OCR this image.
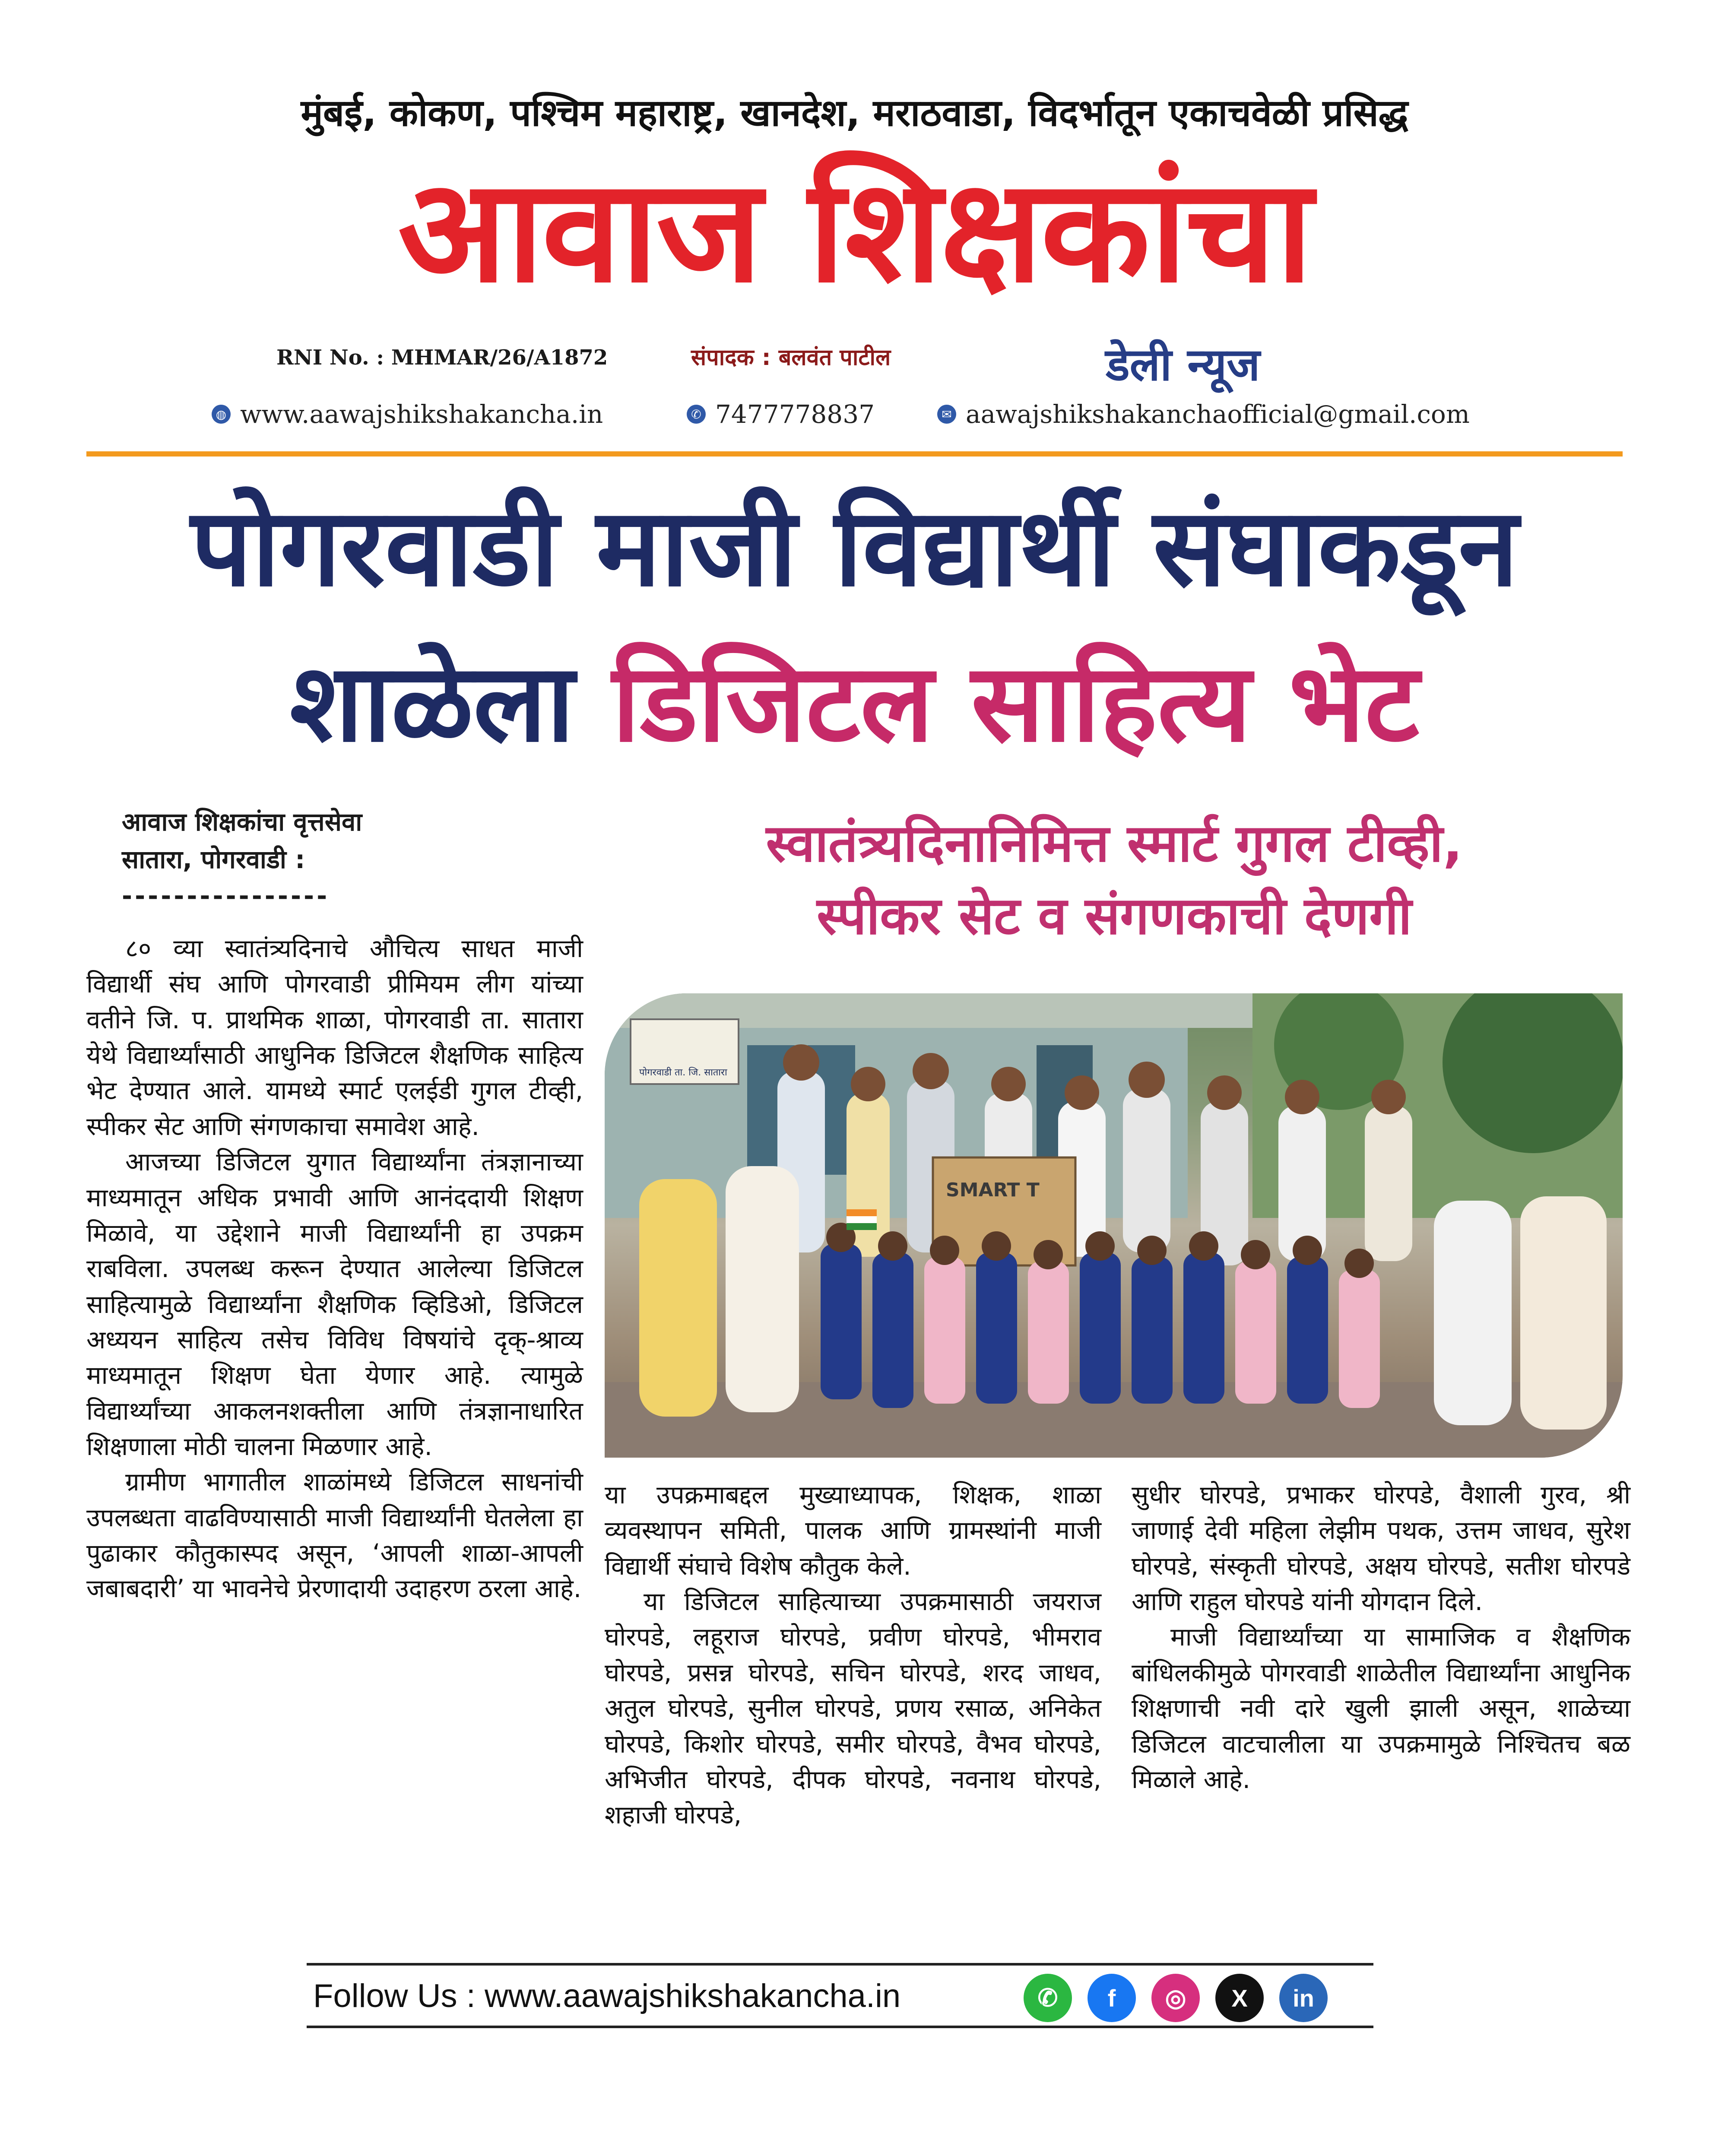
मुंबई, कोकण, पश्चिम महाराष्ट्र, खानदेश, मराठवाडा, विदर्भातून एकाचवेळी प्रसिद्ध
आवाज शिक्षकांचा
RNI No. : MHMAR/26/A1872	संपादक : बलवंत पाटील	डेली न्यूज
◍ www.aawajshikshakancha.in	✆ 7477778837	✉ aawajshikshakanchaofficial@gmail.com
पोगरवाडी माजी विद्यार्थी संघाकडून
शाळेला डिजिटल साहित्य भेट
आवाज शिक्षकांचा वृत्तसेवा
सातारा, पोगरवाडी :
----------------
स्वातंत्र्यदिनानिमित्त स्मार्ट गुगल टीव्ही,
स्पीकर सेट व संगणकाची देणगी
पोगरवाडी ता. जि. सातारा
SMART T

८० व्या स्वातंत्र्यदिनाचे औचित्य साधत माजी विद्यार्थी संघ आणि पोगरवाडी प्रीमियम लीग यांच्या वतीने जि. प. प्राथमिक शाळा, पोगरवाडी ता. सातारा येथे विद्यार्थ्यांसाठी आधुनिक डिजिटल शैक्षणिक साहित्य भेट देण्यात आले. यामध्ये स्मार्ट एलईडी गुगल टीव्ही, स्पीकर सेट आणि संगणकाचा समावेश आहे.

आजच्या डिजिटल युगात विद्यार्थ्यांना तंत्रज्ञानाच्या माध्यमातून अधिक प्रभावी आणि आनंददायी शिक्षण मिळावे, या उद्देशाने माजी विद्यार्थ्यांनी हा उपक्रम राबविला. उपलब्ध करून देण्यात आलेल्या डिजिटल साहित्यामुळे विद्यार्थ्यांना शैक्षणिक व्हिडिओ, डिजिटल अध्ययन साहित्य तसेच विविध विषयांचे दृक्-श्राव्य माध्यमातून शिक्षण घेता येणार आहे. त्यामुळे विद्यार्थ्यांच्या आकलनशक्तीला आणि तंत्रज्ञानाधारित शिक्षणाला मोठी चालना मिळणार आहे.

ग्रामीण भागातील शाळांमध्ये डिजिटल साधनांची उपलब्धता वाढविण्यासाठी माजी विद्यार्थ्यांनी घेतलेला हा पुढाकार कौतुकास्पद असून, ‘आपली शाळा-आपली जबाबदारी’ या भावनेचे प्रेरणादायी उदाहरण ठरला आहे.

या उपक्रमाबद्दल मुख्याध्यापक, शिक्षक, शाळा व्यवस्थापन समिती, पालक आणि ग्रामस्थांनी माजी विद्यार्थी संघाचे विशेष कौतुक केले.

या डिजिटल साहित्याच्या उपक्रमासाठी जयराज घोरपडे, लहूराज घोरपडे, प्रवीण घोरपडे, भीमराव घोरपडे, प्रसन्न घोरपडे, सचिन घोरपडे, शरद जाधव, अतुल घोरपडे, सुनील घोरपडे, प्रणय रसाळ, अनिकेत घोरपडे, किशोर घोरपडे, समीर घोरपडे, वैभव घोरपडे, अभिजीत घोरपडे, दीपक घोरपडे, नवनाथ घोरपडे, शहाजी घोरपडे,

सुधीर घोरपडे, प्रभाकर घोरपडे, वैशाली गुरव, श्री जाणाई देवी महिला लेझीम पथक, उत्तम जाधव, सुरेश घोरपडे, संस्कृती घोरपडे, अक्षय घोरपडे, सतीश घोरपडे आणि राहुल घोरपडे यांनी योगदान दिले.

माजी विद्यार्थ्यांच्या या सामाजिक व शैक्षणिक बांधिलकीमुळे पोगरवाडी शाळेतील विद्यार्थ्यांना आधुनिक शिक्षणाची नवी दारे खुली झाली असून, शाळेच्या डिजिटल वाटचालीला या उपक्रमामुळे निश्चितच बळ मिळाले आहे.

Follow Us : www.aawajshikshakancha.in	✆	f	◎	X	in
